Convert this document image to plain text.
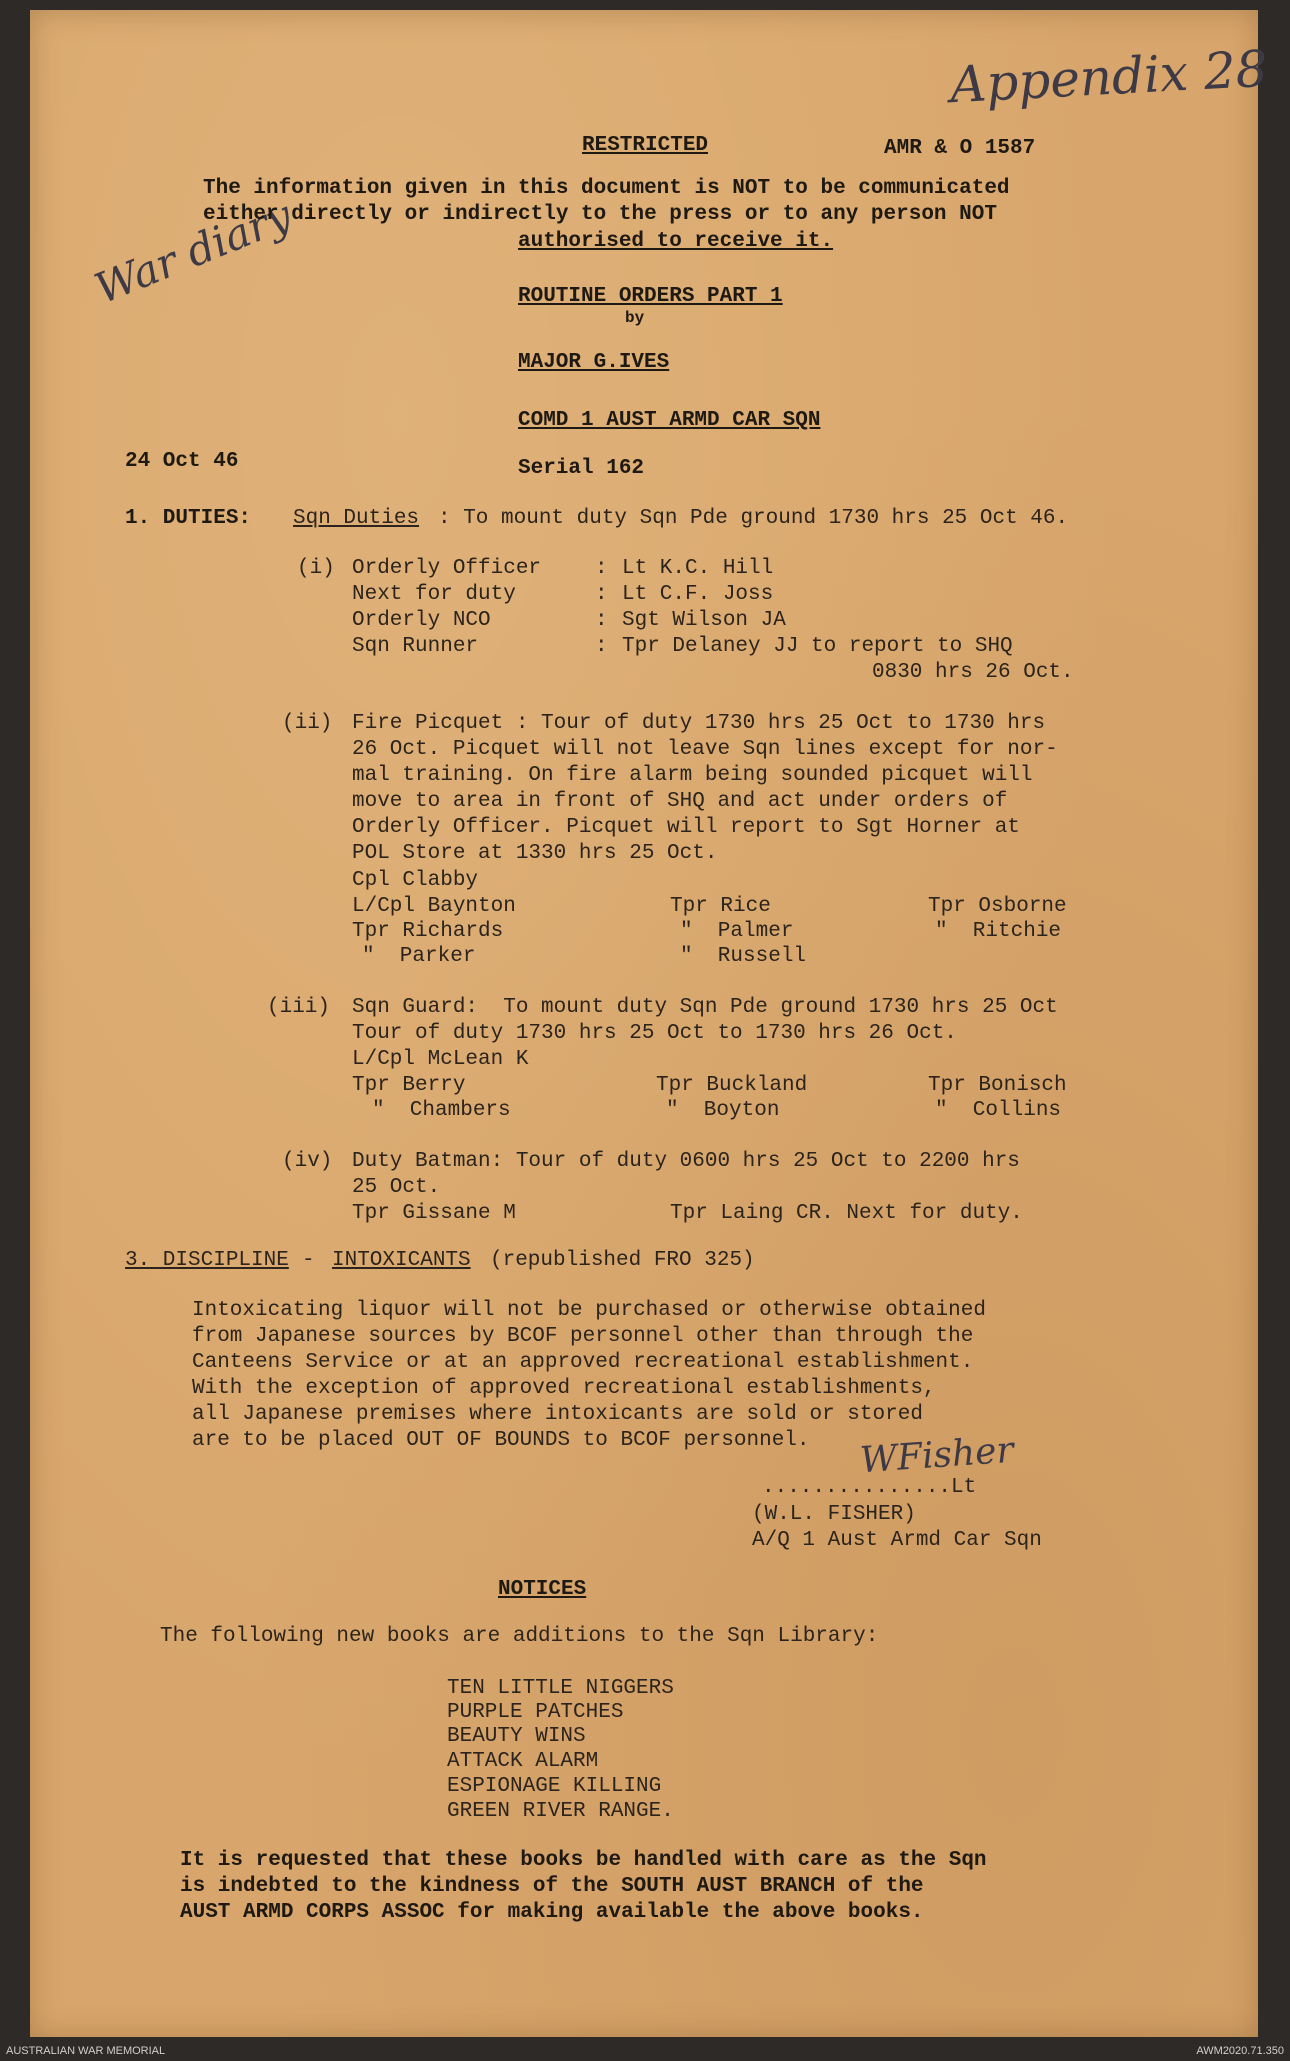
Appendix 28
War diary
WFisher
RESTRICTED	AMR & O 1587
The information given in this document is NOT to be communicated
either directly or indirectly to the press or to any person NOT
authorised to receive it.
ROUTINE ORDERS PART 1
by
MAJOR G.IVES
COMD 1 AUST ARMD CAR SQN
24 Oct 46	Serial 162
1. DUTIES: Sqn Duties : To mount duty Sqn Pde ground 1730 hrs 25 Oct 46.
(i) Orderly Officer	: Lt K.C. Hill
Next for duty	: Lt C.F. Joss
Orderly NCO	: Sgt Wilson JA
Sqn Runner	: Tpr Delaney JJ to report to SHQ
0830 hrs 26 Oct.
(ii) Fire Picquet : Tour of duty 1730 hrs 25 Oct to 1730 hrs
26 Oct. Picquet will not leave Sqn lines except for nor-
mal training. On fire alarm being sounded picquet will
move to area in front of SHQ and act under orders of
Orderly Officer. Picquet will report to Sgt Horner at
POL Store at 1330 hrs 25 Oct.
Cpl Clabby
L/Cpl Baynton	Tpr Rice	Tpr Osborne
Tpr Richards	"  Palmer	"  Ritchie
"  Parker	"  Russell
(iii) Sqn Guard:  To mount duty Sqn Pde ground 1730 hrs 25 Oct
Tour of duty 1730 hrs 25 Oct to 1730 hrs 26 Oct.
L/Cpl McLean K
Tpr Berry	Tpr Buckland	Tpr Bonisch
"  Chambers	"  Boyton	"  Collins
(iv) Duty Batman: Tour of duty 0600 hrs 25 Oct to 2200 hrs
25 Oct.
Tpr Gissane M	Tpr Laing CR. Next for duty.
3. DISCIPLINE - INTOXICANTS (republished FRO 325)
Intoxicating liquor will not be purchased or otherwise obtained
from Japanese sources by BCOF personnel other than through the
Canteens Service or at an approved recreational establishment.
With the exception of approved recreational establishments,
all Japanese premises where intoxicants are sold or stored
are to be placed OUT OF BOUNDS to BCOF personnel.
...............Lt
(W.L. FISHER)
A/Q 1 Aust Armd Car Sqn
NOTICES
The following new books are additions to the Sqn Library:
TEN LITTLE NIGGERS
PURPLE PATCHES
BEAUTY WINS
ATTACK ALARM
ESPIONAGE KILLING
GREEN RIVER RANGE.
It is requested that these books be handled with care as the Sqn
is indebted to the kindness of the SOUTH AUST BRANCH of the
AUST ARMD CORPS ASSOC for making available the above books.
AUSTRALIAN WAR MEMORIAL	AWM2020.71.350
